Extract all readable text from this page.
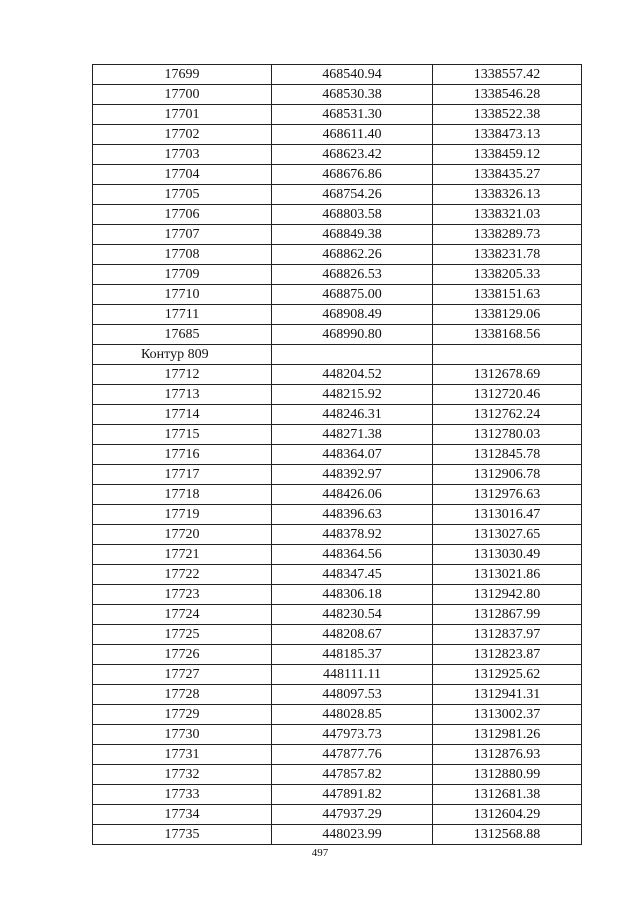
17699	468540.94	1338557.42
17700	468530.38	1338546.28
17701	468531.30	1338522.38
17702	468611.40	1338473.13
17703	468623.42	1338459.12
17704	468676.86	1338435.27
17705	468754.26	1338326.13
17706	468803.58	1338321.03
17707	468849.38	1338289.73
17708	468862.26	1338231.78
17709	468826.53	1338205.33
17710	468875.00	1338151.63
17711	468908.49	1338129.06
17685	468990.80	1338168.56
Контур 809		
17712	448204.52	1312678.69
17713	448215.92	1312720.46
17714	448246.31	1312762.24
17715	448271.38	1312780.03
17716	448364.07	1312845.78
17717	448392.97	1312906.78
17718	448426.06	1312976.63
17719	448396.63	1313016.47
17720	448378.92	1313027.65
17721	448364.56	1313030.49
17722	448347.45	1313021.86
17723	448306.18	1312942.80
17724	448230.54	1312867.99
17725	448208.67	1312837.97
17726	448185.37	1312823.87
17727	448111.11	1312925.62
17728	448097.53	1312941.31
17729	448028.85	1313002.37
17730	447973.73	1312981.26
17731	447877.76	1312876.93
17732	447857.82	1312880.99
17733	447891.82	1312681.38
17734	447937.29	1312604.29
17735	448023.99	1312568.88
497
